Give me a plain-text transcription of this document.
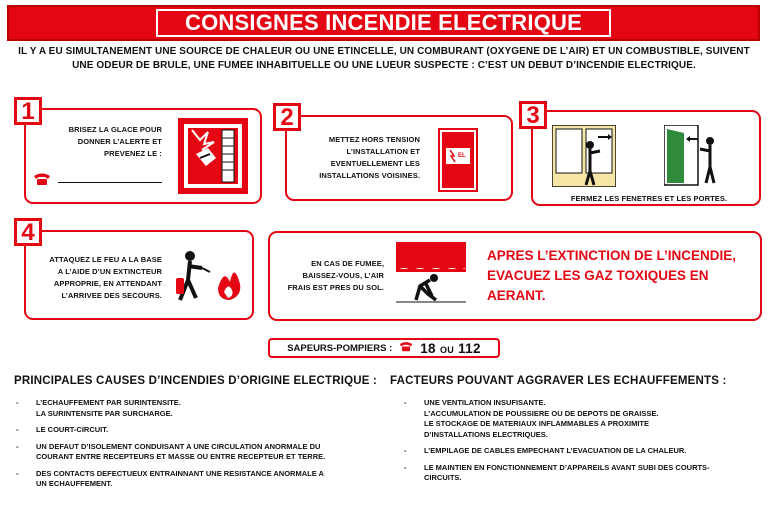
CONSIGNES INCENDIE ELECTRIQUE
IL Y A EU SIMULTANEMENT UNE SOURCE DE CHALEUR OU UNE ETINCELLE, UN COMBURANT (OXYGENE DE L’AIR) ET UN COMBUSTIBLE, SUIVENT
UNE ODEUR DE BRULE, UNE FUMEE INHABITUELLE OU UNE LUEUR SUSPECTE : C’EST UN DEBUT D’INCENDIE ELECTRIQUE.
1
BRISEZ LA GLACE POUR
DONNER L’ALERTE ET
PREVENEZ LE :
2
METTEZ HORS TENSION
L’INSTALLATION ET
EVENTUELLEMENT LES
INSTALLATIONS VOISINES.
EL
3
FERMEZ LES FENETRES ET LES PORTES.
4
ATTAQUEZ LE FEU A LA BASE
A L’AIDE D’UN EXTINCTEUR
APPROPRIE, EN ATTENDANT
L’ARRIVEE DES SECOURS.
EN CAS DE FUMEE,
BAISSEZ-VOUS, L’AIR
FRAIS EST PRES DU SOL.
APRES L’EXTINCTION DE L’INCENDIE,
EVACUEZ LES GAZ TOXIQUES EN
AERANT.
SAPEURS-POMPIERS : 18 OU 112
PRINCIPALES CAUSES D’INCENDIES D’ORIGINE ELECTRIQUE :
- L’ECHAUFFEMENT PAR SURINTENSITE.
LA SURINTENSITE PAR SURCHARGE.
- LE COURT-CIRCUIT.
- UN DEFAUT D’ISOLEMENT CONDUISANT A UNE CIRCULATION ANORMALE DU
COURANT ENTRE RECEPTEURS ET MASSE OU ENTRE RECEPTEUR ET TERRE.
- DES CONTACTS DEFECTUEUX ENTRAINNANT UNE RESISTANCE ANORMALE A
UN ECHAUFFEMENT.
FACTEURS POUVANT AGGRAVER LES ECHAUFFEMENTS :
- UNE VENTILATION INSUFISANTE.
L’ACCUMULATION DE POUSSIERE OU DE DEPOTS DE GRAISSE.
LE STOCKAGE DE MATERIAUX INFLAMMABLES A PROXIMITE
D’INSTALLATIONS ELECTRIQUES.
- L’EMPILAGE DE CABLES EMPECHANT L’EVACUATION DE LA CHALEUR.
- LE MAINTIEN EN FONCTIONNEMENT D’APPAREILS AVANT SUBI DES COURTS-
CIRCUITS.
